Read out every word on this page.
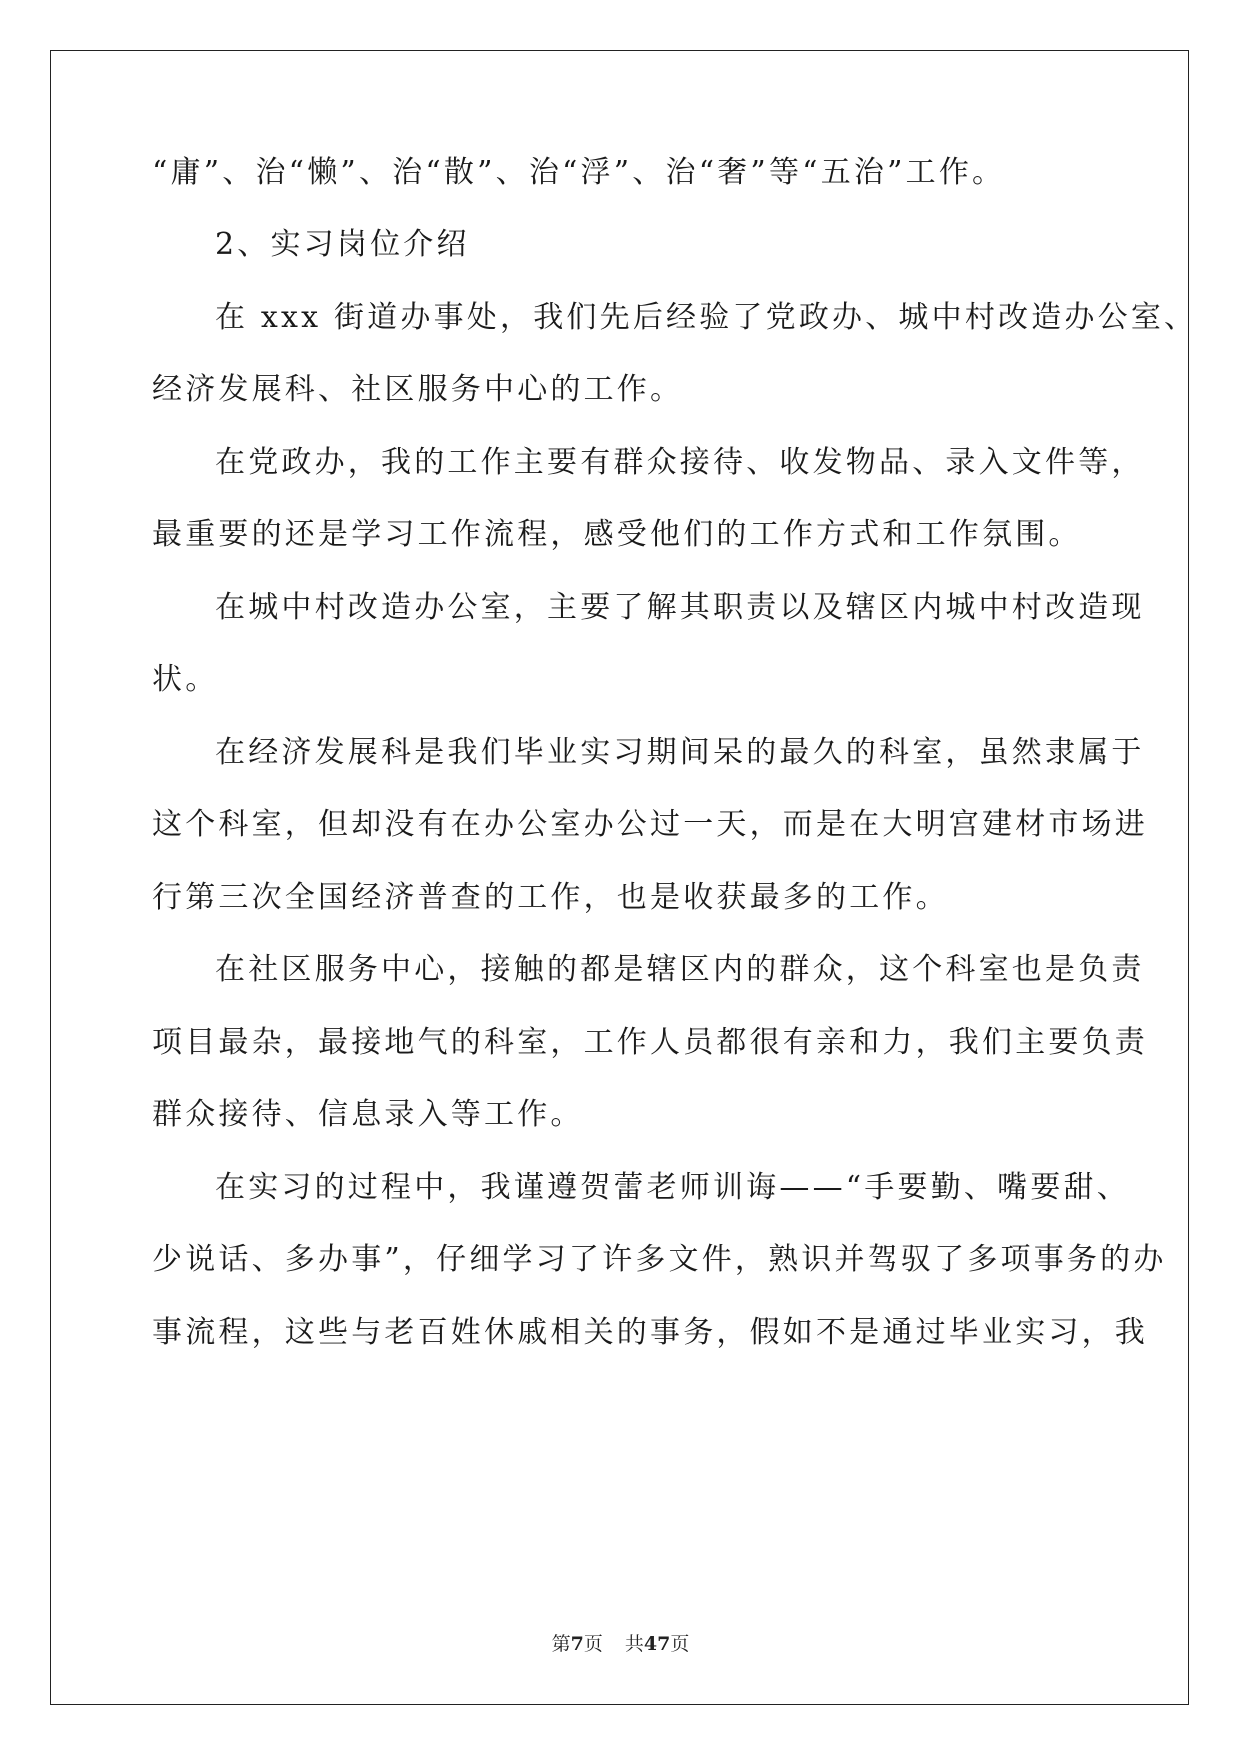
“庸”、治“懒”、治“散”、治“浮”、治“奢”等“五治”工作。
2、实习岗位介绍
在 xxx 街道办事处，我们先后经验了党政办、城中村改造办公室、
经济发展科、社区服务中心的工作。
在党政办，我的工作主要有群众接待、收发物品、录入文件等，
最重要的还是学习工作流程，感受他们的工作方式和工作氛围。
在城中村改造办公室，主要了解其职责以及辖区内城中村改造现
状。
在经济发展科是我们毕业实习期间呆的最久的科室，虽然隶属于
这个科室，但却没有在办公室办公过一天，而是在大明宫建材市场进
行第三次全国经济普查的工作，也是收获最多的工作。
在社区服务中心，接触的都是辖区内的群众，这个科室也是负责
项目最杂，最接地气的科室，工作人员都很有亲和力，我们主要负责
群众接待、信息录入等工作。
在实习的过程中，我谨遵贺蕾老师训诲——“手要勤、嘴要甜、
少说话、多办事”，仔细学习了许多文件，熟识并驾驭了多项事务的办
事流程，这些与老百姓休戚相关的事务，假如不是通过毕业实习，我
第7页 共47页
